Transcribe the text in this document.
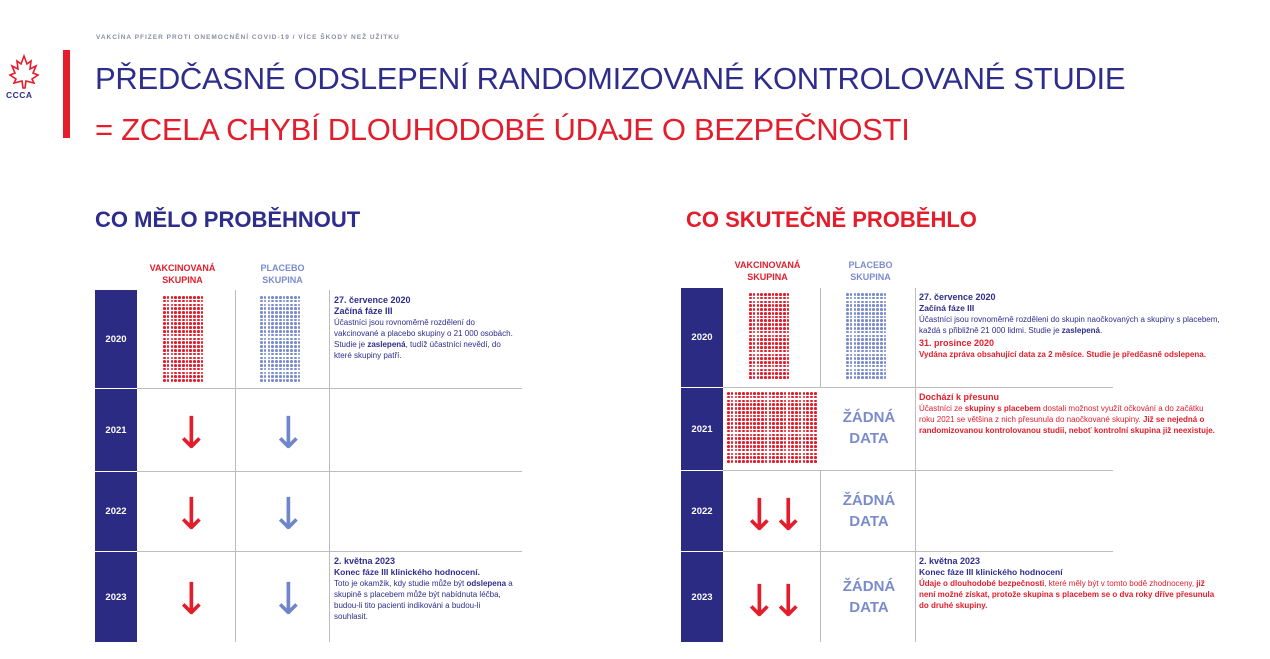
VAKCÍNA PFIZER PROTI ONEMOCNĚNÍ COVID-19 / VÍCE ŠKODY NEŽ UŽITKU
CCCA PŘEDČASNÉ ODSLEPENÍ RANDOMIZOVANÉ KONTROLOVANÉ STUDIE
= ZCELA CHYBÍ DLOUHODOBÉ ÚDAJE O BEZPEČNOSTI
CO MĚLO PROBĚHNOUT
VAKCINOVANÁ
SKUPINA
PLACEBO
SKUPINA
2020
2021
2022
2023
↓ ↓
↓ ↓
↓ ↓
27. července 2020
Začíná fáze III
Účastníci jsou rovnoměrně rozdělení do vakcinované a placebo skupiny o 21 000 osobách. Studie je zaslepená, tudíž účastníci nevědí, do které skupiny patří.
2. května 2023
Konec fáze III klinického hodnocení.
Toto je okamžik, kdy studie může být odslepena a skupině s placebem může být nabídnuta léčba, budou-li tito pacienti indikováni a budou-li souhlasit.
CO SKUTEČNĚ PROBĚHLO
VAKCINOVANÁ
SKUPINA
PLACEBO
SKUPINA
2020
2021
2022
2023
ŽÁDNÁ
DATA
ŽÁDNÁ
DATA
ŽÁDNÁ
DATA
↓↓
↓↓
27. července 2020
Začíná fáze III
Účastníci jsou rovnoměrně rozděleni do skupin naočkovaných a skupiny s placebem, každá s přibližně 21 000 lidmi. Studie je zaslepená.
31. prosince 2020
Vydána zpráva obsahující data za 2 měsíce. Studie je předčasně odslepena.
Dochází k přesunu
Účastníci ze skupiny s placebem dostali možnost využít očkování a do začátku roku 2021 se většina z nich přesunula do naočkované skupiny. Již se nejedná o randomizovanou kontrolovanou studii, neboť kontrolní skupina již neexistuje.
2. května 2023
Konec fáze III klinického hodnocení
Údaje o dlouhodobé bezpečnosti, které měly být v tomto bodě zhodnoceny, již není možné získat, protože skupina s placebem se o dva roky dříve přesunula do druhé skupiny.
